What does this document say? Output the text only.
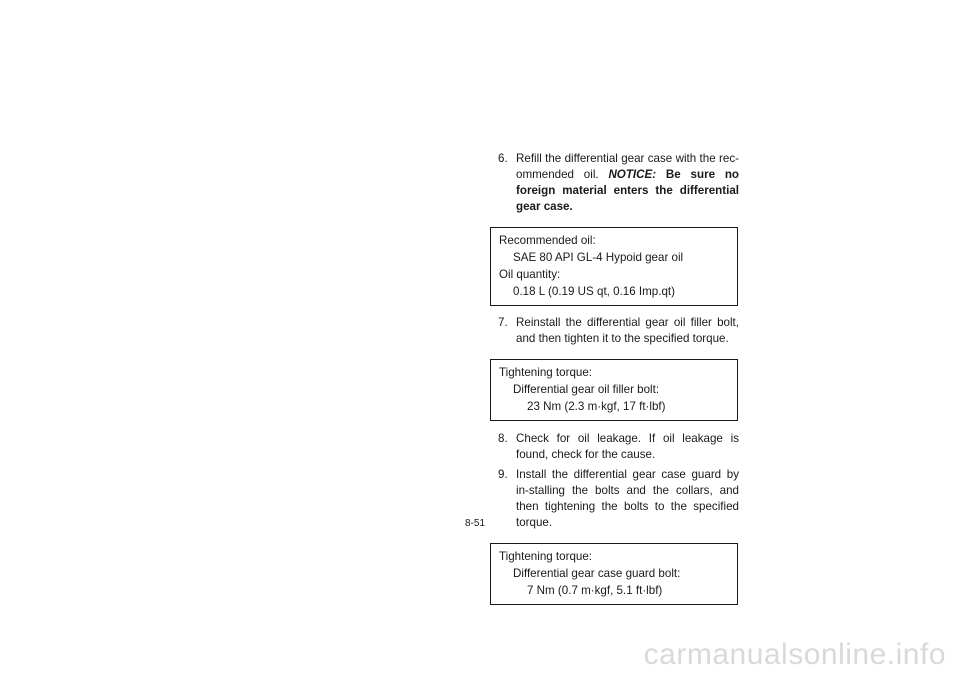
6. Refill the differential gear case with the rec-ommended oil. NOTICE: Be sure no foreign material enters the differential gear case.
Recommended oil:
SAE 80 API GL-4 Hypoid gear oil
Oil quantity:
0.18 L (0.19 US qt, 0.16 Imp.qt)
7. Reinstall the differential gear oil filler bolt, and then tighten it to the specified torque.
Tightening torque:
Differential gear oil filler bolt:
23 Nm (2.3 m·kgf, 17 ft·lbf)
8. Check for oil leakage. If oil leakage is found, check for the cause.
9. Install the differential gear case guard by in-stalling the bolts and the collars, and then tightening the bolts to the specified torque.
Tightening torque:
Differential gear case guard bolt:
7 Nm (0.7 m·kgf, 5.1 ft·lbf)
8-51
carmanualsonline.info
